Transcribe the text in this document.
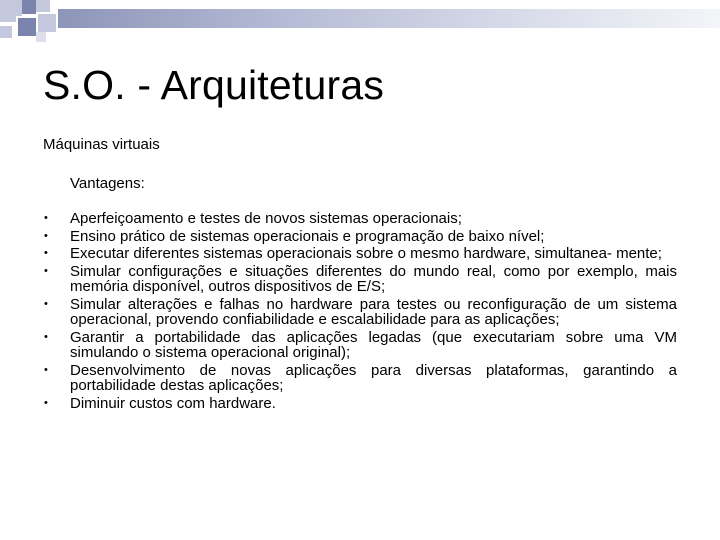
S.O. - Arquiteturas

Máquinas virtuais

Vantagens:

• Aperfeiçoamento e testes de novos sistemas operacionais;
• Ensino prático de sistemas operacionais e programação de baixo nível;
• Executar diferentes sistemas operacionais sobre o mesmo hardware, simultanea- mente;
• Simular configurações e situações diferentes do mundo real, como por exemplo, mais memória disponível, outros dispositivos de E/S;
• Simular alterações e falhas no hardware para testes ou reconfiguração de um sistema operacional, provendo confiabilidade e escalabilidade para as aplicações;
• Garantir a portabilidade das aplicações legadas (que executariam sobre uma VM simulando o sistema operacional original);
• Desenvolvimento de novas aplicações para diversas plataformas, garantindo a portabilidade destas aplicações;
• Diminuir custos com hardware.
